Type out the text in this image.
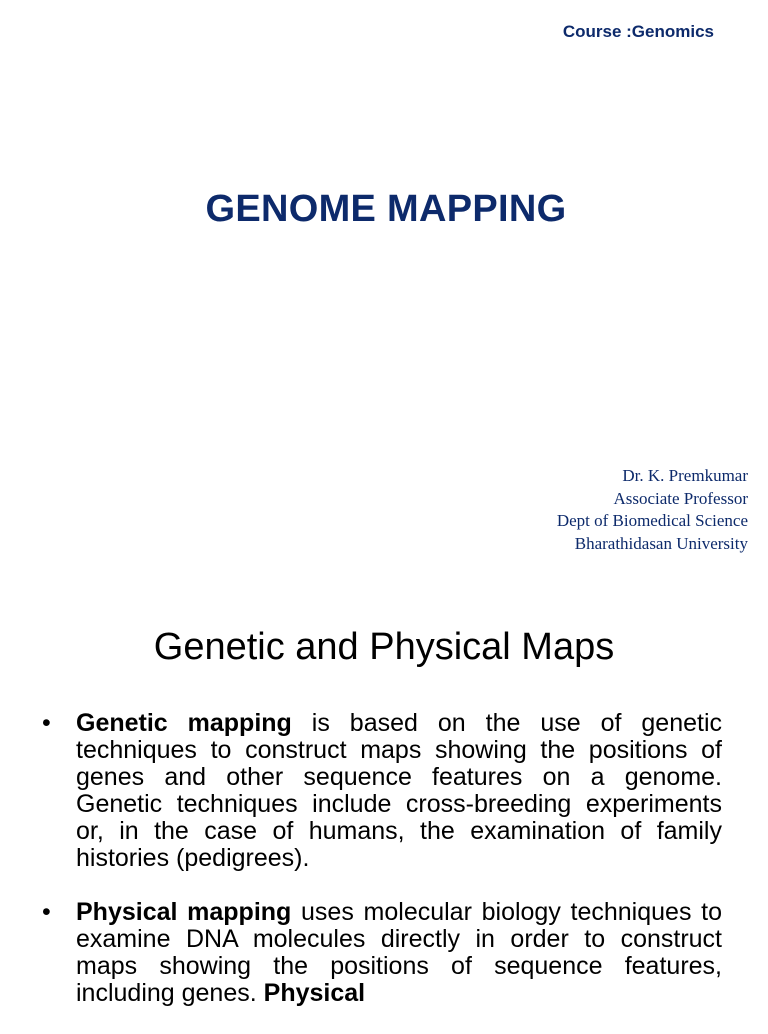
Course :Genomics
GENOME MAPPING
Dr. K. Premkumar
Associate Professor
Dept of Biomedical Science
Bharathidasan University
Genetic and Physical Maps
• Genetic mapping is based on the use of genetic techniques to construct maps showing the positions of genes and other sequence features on a genome. Genetic techniques include cross-breeding experiments or, in the case of humans, the examination of family histories (pedigrees).
• Physical mapping uses molecular biology techniques to examine DNA molecules directly in order to construct maps showing the positions of sequence features, including genes. Physical
